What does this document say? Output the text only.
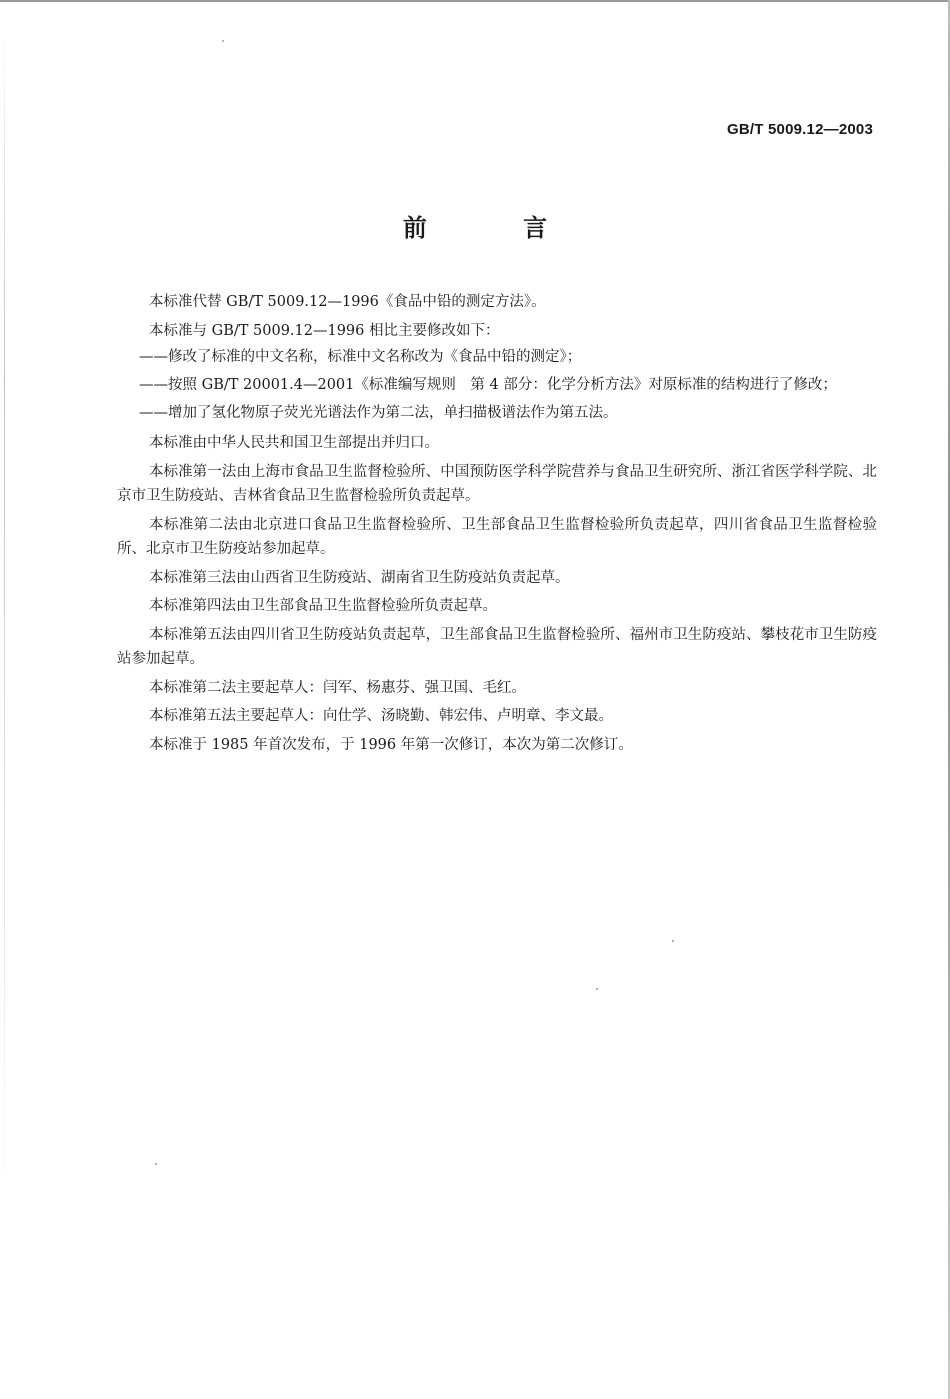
GB/T 5009.12—2003
前 言

本标准代替 GB/T 5009.12—1996《食品中铅的测定方法》。

本标准与 GB/T 5009.12—1996 相比主要修改如下：

——修改了标准的中文名称，标准中文名称改为《食品中铅的测定》；

——按照 GB/T 20001.4—2001《标准编写规则　第 4 部分：化学分析方法》对原标准的结构进行了修改；

——增加了氢化物原子荧光光谱法作为第二法，单扫描极谱法作为第五法。

本标准由中华人民共和国卫生部提出并归口。

本标准第一法由上海市食品卫生监督检验所、中国预防医学科学院营养与食品卫生研究所、浙江省医学科学院、北京市卫生防疫站、吉林省食品卫生监督检验所负责起草。

本标准第二法由北京进口食品卫生监督检验所、卫生部食品卫生监督检验所负责起草，四川省食品卫生监督检验所、北京市卫生防疫站参加起草。

本标准第三法由山西省卫生防疫站、湖南省卫生防疫站负责起草。

本标准第四法由卫生部食品卫生监督检验所负责起草。

本标准第五法由四川省卫生防疫站负责起草，卫生部食品卫生监督检验所、福州市卫生防疫站、攀枝花市卫生防疫站参加起草。

本标准第二法主要起草人：闫军、杨惠芬、强卫国、毛红。

本标准第五法主要起草人：向仕学、汤晓勤、韩宏伟、卢明章、李文最。

本标准于 1985 年首次发布，于 1996 年第一次修订，本次为第二次修订。
